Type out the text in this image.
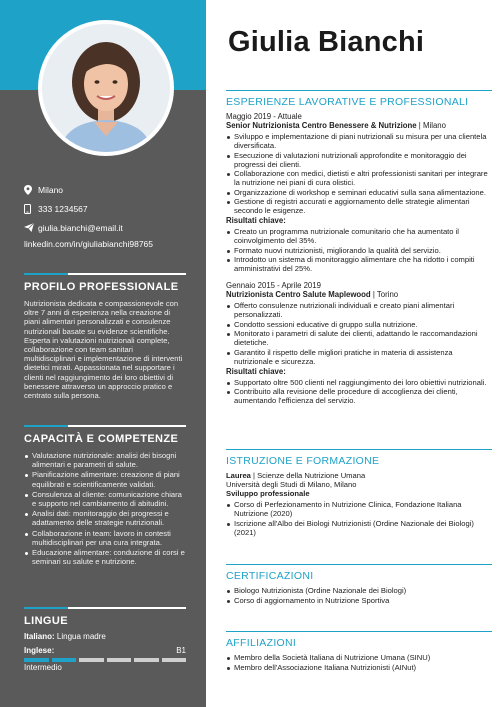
Milano
333 1234567
giulia.bianchi@email.it
linkedin.com/in/giuliabianchi98765
PROFILO PROFESSIONALE
Nutrizionista dedicata e compassionevole con oltre 7 anni di esperienza nella creazione di piani alimentari personalizzati e consulenze nutrizionali basate su evidenze scientifiche. Esperta in valutazioni nutrizionali complete, collaborazione con team sanitari multidisciplinari e implementazione di interventi dietetici mirati. Appassionata nel supportare i clienti nel raggiungimento dei loro obiettivi di benessere attraverso un approccio pratico e centrato sulla persona.
CAPACITÀ E COMPETENZE
Valutazione nutrizionale: analisi dei bisogni alimentari e parametri di salute.
Pianificazione alimentare: creazione di piani equilibrati e scientificamente validati.
Consulenza al cliente: comunicazione chiara e supporto nel cambiamento di abitudini.
Analisi dati: monitoraggio dei progressi e adattamento delle strategie nutrizionali.
Collaborazione in team: lavoro in contesti multidisciplinari per una cura integrata.
Educazione alimentare: conduzione di corsi e seminari su salute e nutrizione.
LINGUE
Italiano: Lingua madre
Inglese:	B1
Intermedio
Giulia Bianchi
ESPERIENZE LAVORATIVE E PROFESSIONALI
Maggio 2019 - Attuale
Senior Nutrizionista Centro Benessere & Nutrizione | Milano
Sviluppo e implementazione di piani nutrizionali su misura per una clientela diversificata.
Esecuzione di valutazioni nutrizionali approfondite e monitoraggio dei progressi dei clienti.
Collaborazione con medici, dietisti e altri professionisti sanitari per integrare la nutrizione nei piani di cura olistici.
Organizzazione di workshop e seminari educativi sulla sana alimentazione.
Gestione di registri accurati e aggiornamento delle strategie alimentari secondo le esigenze.
Risultati chiave:
Creato un programma nutrizionale comunitario che ha aumentato il coinvolgimento del 35%.
Formato nuovi nutrizionisti, migliorando la qualità del servizio.
Introdotto un sistema di monitoraggio alimentare che ha ridotto i compiti amministrativi del 25%.
Gennaio 2015 - Aprile 2019
Nutrizionista Centro Salute Maplewood | Torino
Offerto consulenze nutrizionali individuali e creato piani alimentari personalizzati.
Condotto sessioni educative di gruppo sulla nutrizione.
Monitorato i parametri di salute dei clienti, adattando le raccomandazioni dietetiche.
Garantito il rispetto delle migliori pratiche in materia di assistenza nutrizionale e sicurezza.
Risultati chiave:
Supportato oltre 500 clienti nel raggiungimento dei loro obiettivi nutrizionali.
Contribuito alla revisione delle procedure di accoglienza dei clienti, aumentando l'efficienza del servizio.
ISTRUZIONE E FORMAZIONE
Laurea | Scienze della Nutrizione Umana
Università degli Studi di Milano, Milano
Sviluppo professionale
Corso di Perfezionamento in Nutrizione Clinica, Fondazione Italiana Nutrizione (2020)
Iscrizione all'Albo dei Biologi Nutrizionisti (Ordine Nazionale dei Biologi) (2021)
CERTIFICAZIONI
Biologo Nutrizionista (Ordine Nazionale dei Biologi)
Corso di aggiornamento in Nutrizione Sportiva
AFFILIAZIONI
Membro della Società Italiana di Nutrizione Umana (SINU)
Membro dell'Associazione Italiana Nutrizionisti (AINut)
